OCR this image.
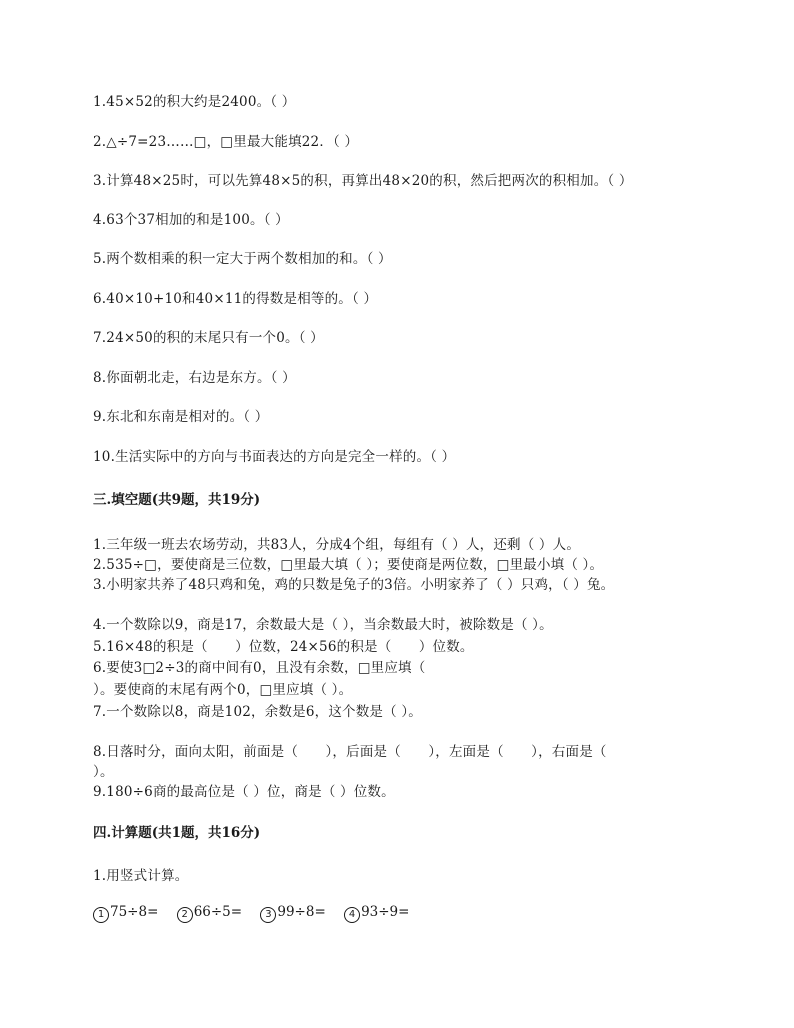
1.45×52的积大约是2400。（ ）
2.△÷7=23……□，□里最大能填22．（ ）
3.计算48×25时，可以先算48×5的积，再算出48×20的积，然后把两次的积相加。（ ）
4.63个37相加的和是100。（ ）
5.两个数相乘的积一定大于两个数相加的和。（ ）
6.40×10+10和40×11的得数是相等的。（ ）
7.24×50的积的末尾只有一个0。（ ）
8.你面朝北走，右边是东方。（ ）
9.东北和东南是相对的。（ ）
10.生活实际中的方向与书面表达的方向是完全一样的。（ ）
三.填空题(共9题，共19分)
1.三年级一班去农场劳动，共83人，分成4个组，每组有（ ）人，还剩（ ）人。
2.535÷□，要使商是三位数，□里最大填（ ）；要使商是两位数，□里最小填（ ）。
3.小明家共养了48只鸡和兔，鸡的只数是兔子的3倍。小明家养了（ ）只鸡，（ ）兔。
4.一个数除以9，商是17，余数最大是（ ），当余数最大时，被除数是（ ）。
5.16×48的积是（　　）位数，24×56的积是（　　）位数。
6.要使3□2÷3的商中间有0，且没有余数，□里应填（
）。要使商的末尾有两个0，□里应填（ ）。
7.一个数除以8，商是102，余数是6，这个数是（ ）。
8.日落时分，面向太阳，前面是（　　），后面是（　　），左面是（　　），右面是（
）。
9.180÷6商的最高位是（ ）位，商是（ ）位数。
四.计算题(共1题，共16分)
1.用竖式计算。
1 75÷8= 2 66÷5= 3 99÷8= 4 93÷9=
